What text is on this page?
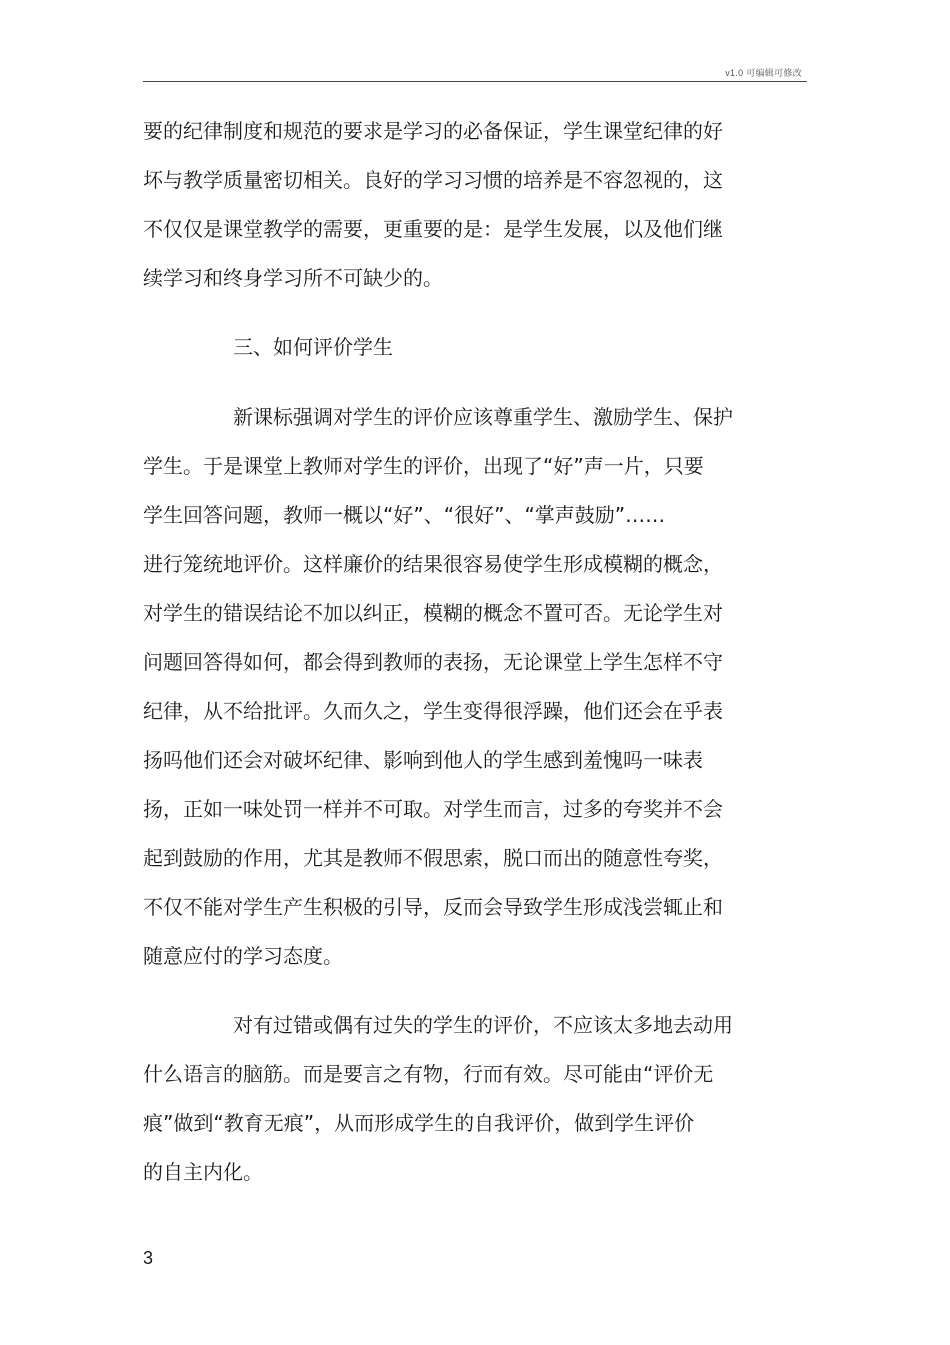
v1.0 可编辑可修改
要的纪律制度和规范的要求是学习的必备保证，学生课堂纪律的好
坏与教学质量密切相关。良好的学习习惯的培养是不容忽视的，这
不仅仅是课堂教学的需要，更重要的是：是学生发展，以及他们继
续学习和终身学习所不可缺少的。
三、如何评价学生
新课标强调对学生的评价应该尊重学生、激励学生、保护
学生。于是课堂上教师对学生的评价，出现了“好”声一片，只要
学生回答问题，教师一概以“好”、“很好”、“掌声鼓励”……
进行笼统地评价。这样廉价的结果很容易使学生形成模糊的概念，
对学生的错误结论不加以纠正，模糊的概念不置可否。无论学生对
问题回答得如何，都会得到教师的表扬，无论课堂上学生怎样不守
纪律，从不给批评。久而久之，学生变得很浮躁，他们还会在乎表
扬吗他们还会对破坏纪律、影响到他人的学生感到羞愧吗一味表
扬，正如一味处罚一样并不可取。对学生而言，过多的夸奖并不会
起到鼓励的作用，尤其是教师不假思索，脱口而出的随意性夸奖，
不仅不能对学生产生积极的引导，反而会导致学生形成浅尝辄止和
随意应付的学习态度。
对有过错或偶有过失的学生的评价，不应该太多地去动用
什么语言的脑筋。而是要言之有物，行而有效。尽可能由“评价无
痕”做到“教育无痕”，从而形成学生的自我评价，做到学生评价
的自主内化。
3
